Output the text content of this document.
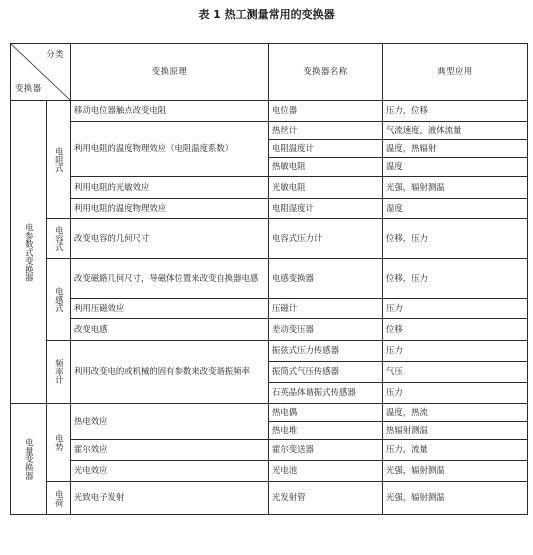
表 1 热工测量常用的变换器
分类
变换器		变换原理	变换器名称	典型应用
电参数式变换器	电阻式	移动电位器触点改变电阻	电位器	压力，位移
		利用电阻的温度物理效应（电阻温度系数）	热丝计	气流速度，液体流量
			电阻温度计	温度，热辐射
			热敏电阻	温度
		利用电阻的光敏效应	光敏电阻	光强，辐射测温
		利用电阻的温度物理效应	电阻湿度计	湿度
	电容式	改变电容的几何尺寸	电容式压力计	位移，压力
	电感式	改变磁路几何尺寸，导磁体位置来改变自换器电感	电感变换器	位移，压力
		利用压磁效应	压磁计	压力
		改变电感	差动变压器	位移
	频率计	利用改变电的或机械的固有参数来改变谐振频率	振弦式压力传感器	压力
			振筒式气压传感器	气压
			石英晶体谐振式传感器	压力
电量变换器	电势	热电效应	热电偶	温度，热流
			热电堆	热辐射测温
		霍尔效应	霍尔变送器	压力，流量
		光电效应	光电池	光强，辐射测温
	电荷	光致电子发射	光发射管	光强，辐射测温
